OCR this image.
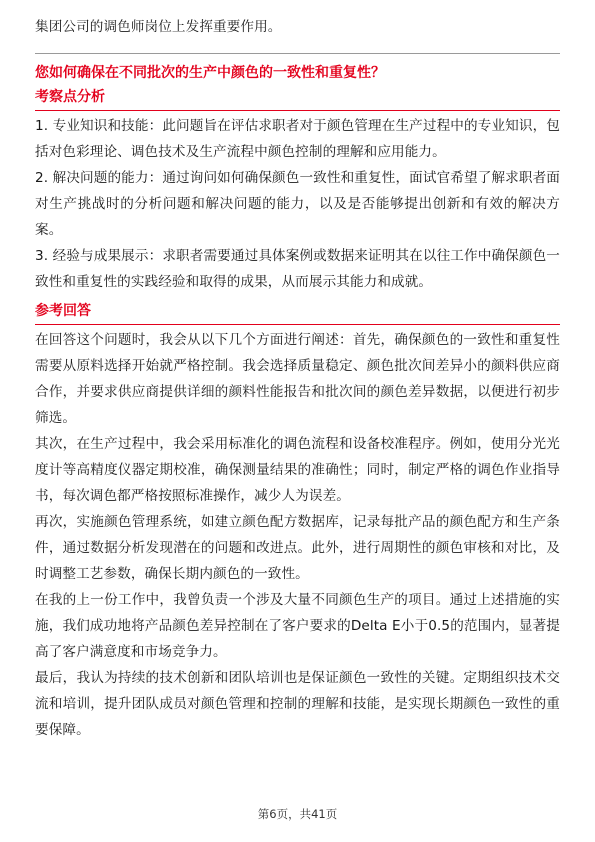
集团公司的调色师岗位上发挥重要作用。

您如何确保在不同批次的生产中颜色的一致性和重复性？

考察点分析

1. 专业知识和技能：此问题旨在评估求职者对于颜色管理在生产过程中的专业知识，包括对色彩理论、调色技术及生产流程中颜色控制的理解和应用能力。

2. 解决问题的能力：通过询问如何确保颜色一致性和重复性，面试官希望了解求职者面对生产挑战时的分析问题和解决问题的能力，以及是否能够提出创新和有效的解决方案。

3. 经验与成果展示：求职者需要通过具体案例或数据来证明其在以往工作中确保颜色一致性和重复性的实践经验和取得的成果，从而展示其能力和成就。

参考回答

在回答这个问题时，我会从以下几个方面进行阐述：首先，确保颜色的一致性和重复性需要从原料选择开始就严格控制。我会选择质量稳定、颜色批次间差异小的颜料供应商合作，并要求供应商提供详细的颜料性能报告和批次间的颜色差异数据，以便进行初步筛选。

其次，在生产过程中，我会采用标准化的调色流程和设备校准程序。例如，使用分光光度计等高精度仪器定期校准，确保测量结果的准确性；同时，制定严格的调色作业指导书，每次调色都严格按照标准操作，减少人为误差。

再次，实施颜色管理系统，如建立颜色配方数据库，记录每批产品的颜色配方和生产条件，通过数据分析发现潜在的问题和改进点。此外，进行周期性的颜色审核和对比，及时调整工艺参数，确保长期内颜色的一致性。

在我的上一份工作中，我曾负责一个涉及大量不同颜色生产的项目。通过上述措施的实施，我们成功地将产品颜色差异控制在了客户要求的Delta E小于0.5的范围内，显著提高了客户满意度和市场竞争力。

最后，我认为持续的技术创新和团队培训也是保证颜色一致性的关键。定期组织技术交流和培训，提升团队成员对颜色管理和控制的理解和技能，是实现长期颜色一致性的重要保障。

第6页，共41页
